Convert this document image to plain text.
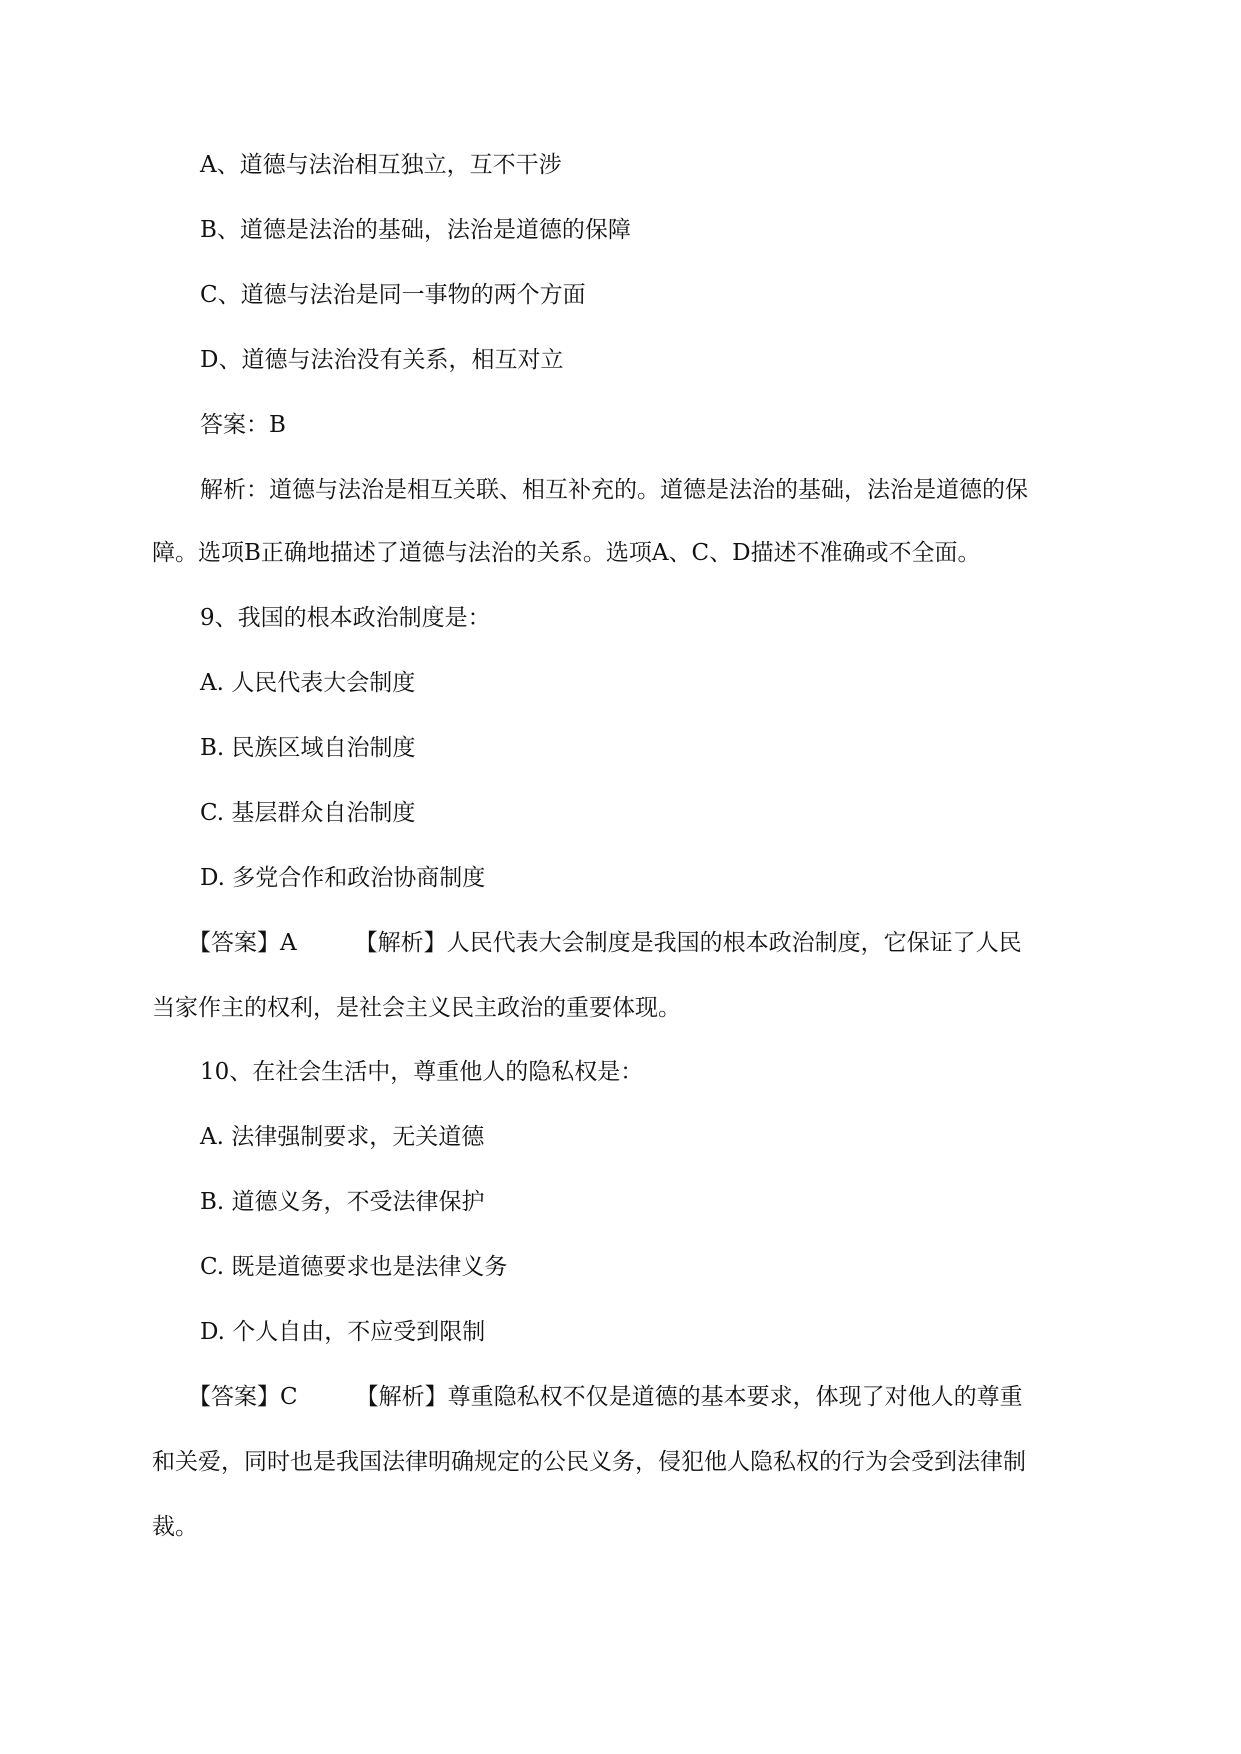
A、道德与法治相互独立，互不干涉
B、道德是法治的基础，法治是道德的保障
C、道德与法治是同一事物的两个方面
D、道德与法治没有关系，相互对立
答案：B
解析：道德与法治是相互关联、相互补充的。道德是法治的基础，法治是道德的保
障。选项B正确地描述了道德与法治的关系。选项A、C、D描述不准确或不全面。
9、我国的根本政治制度是：
A. 人民代表大会制度
B. 民族区域自治制度
C. 基层群众自治制度
D. 多党合作和政治协商制度
【答案】A	【解析】人民代表大会制度是我国的根本政治制度，它保证了人民
当家作主的权利，是社会主义民主政治的重要体现。
10、在社会生活中，尊重他人的隐私权是：
A. 法律强制要求，无关道德
B. 道德义务，不受法律保护
C. 既是道德要求也是法律义务
D. 个人自由，不应受到限制
【答案】C	【解析】尊重隐私权不仅是道德的基本要求，体现了对他人的尊重
和关爱，同时也是我国法律明确规定的公民义务，侵犯他人隐私权的行为会受到法律制
裁。
